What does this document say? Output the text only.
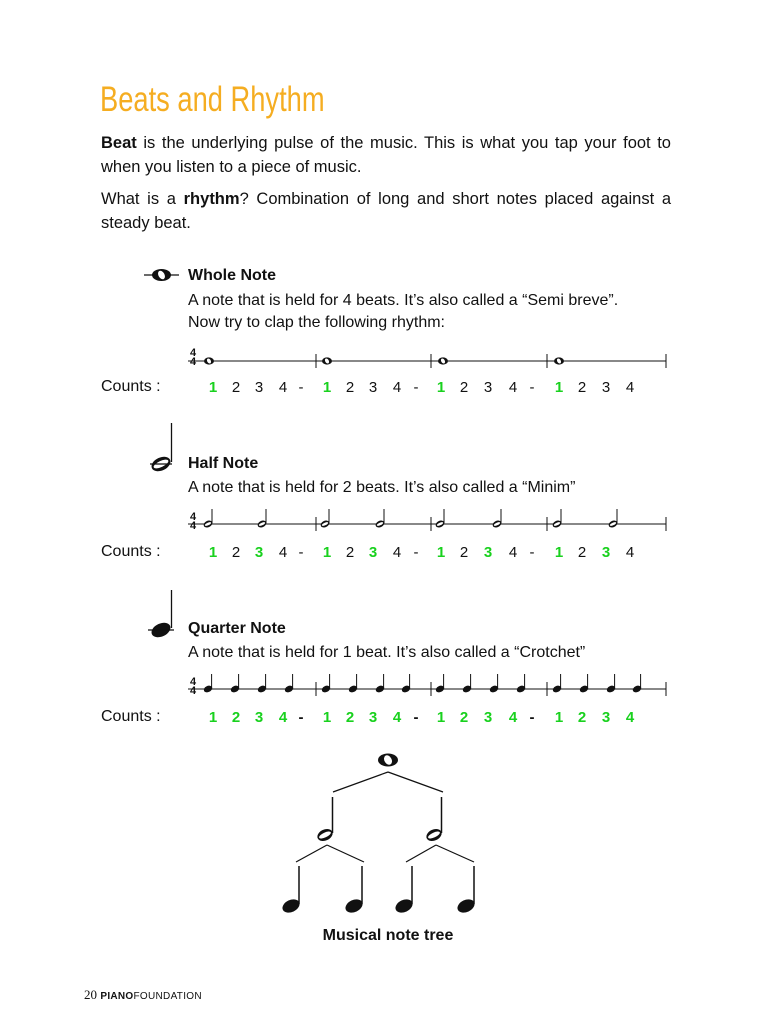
Beats and Rhythm
Beat is the underlying pulse of the music. This is what you tap your foot to when you listen to a piece of music.
What is a rhythm? Combination of long and short notes placed against a steady beat.
4
4
4
4
4
4
Whole Note
A note that is held for 4 beats. It’s also called a “Semi breve”.
Now try to clap the following rhythm:
Counts :	1 2 3 4 - 1 2 3 4 - 1 2 3 4 - 1 2 3 4
Half Note
A note that is held for 2 beats. It’s also called a “Minim”
Counts :	1 2 3 4 - 1 2 3 4 - 1 2 3 4 - 1 2 3 4
Quarter Note
A note that is held for 1 beat. It’s also called a “Crotchet”
Counts :	1 2 3 4 - 1 2 3 4 - 1 2 3 4 - 1 2 3 4
Musical note tree
20 PIANOFOUNDATION
